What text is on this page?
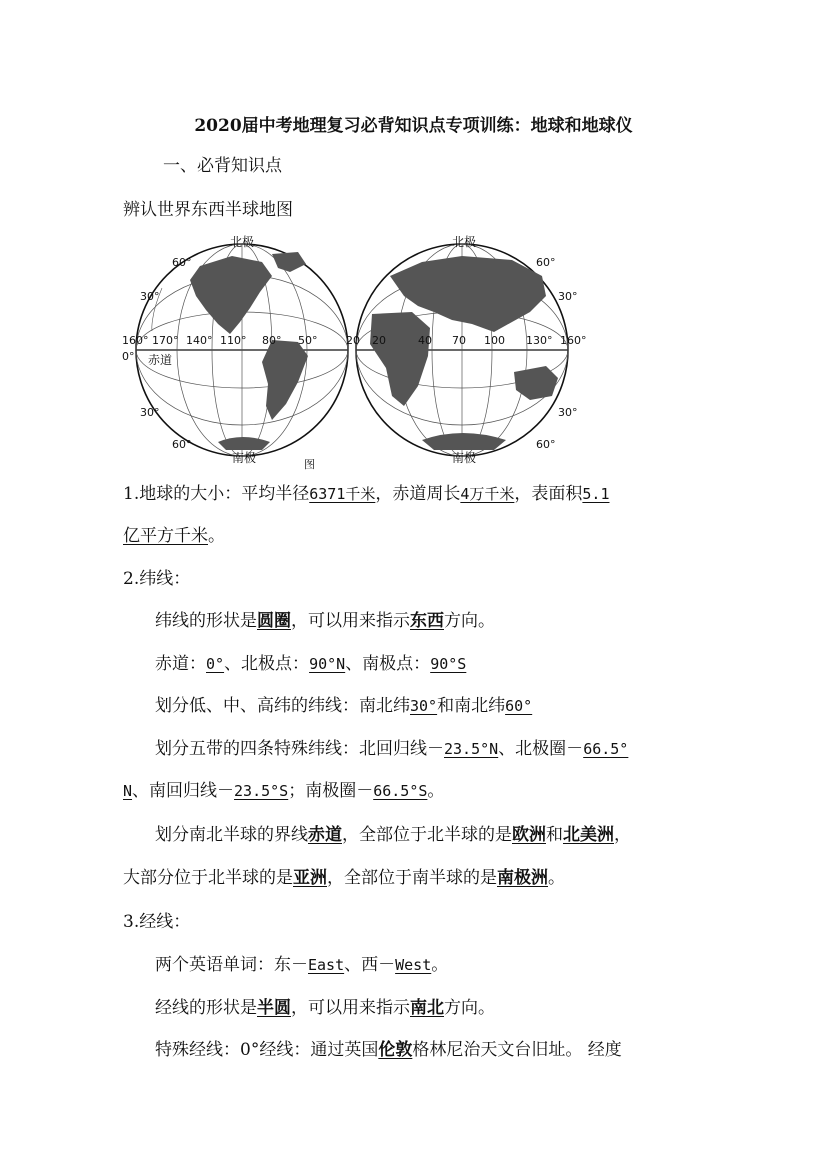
2020届中考地理复习必背知识点专项训练：地球和地球仪
一、必背知识点
辨认世界东西半球地图
北极	北极
南极	南极
赤道
0°
60°
30°
30°
60°
60°
30°
30°
60°
160° 170° 140° 110° 80° 50°	20 20	40 70 100 130° 160°
图
1.地球的大小：平均半径6371千米，赤道周长4万千米，表面积5.1
亿平方千米。
2.纬线：
纬线的形状是圆圈，可以用来指示东西方向。
赤道：0°、北极点：90°N、南极点：90°S
划分低、中、高纬的纬线：南北纬30°和南北纬60°
划分五带的四条特殊纬线：北回归线－23.5°N、北极圈－66.5°
N、南回归线－23.5°S；南极圈－66.5°S。
划分南北半球的界线赤道，全部位于北半球的是欧洲和北美洲，
大部分位于北半球的是亚洲，全部位于南半球的是南极洲。
3.经线：
两个英语单词：东－East、西－West。
经线的形状是半圆，可以用来指示南北方向。
特殊经线：0°经线：通过英国伦敦格林尼治天文台旧址。 经度
